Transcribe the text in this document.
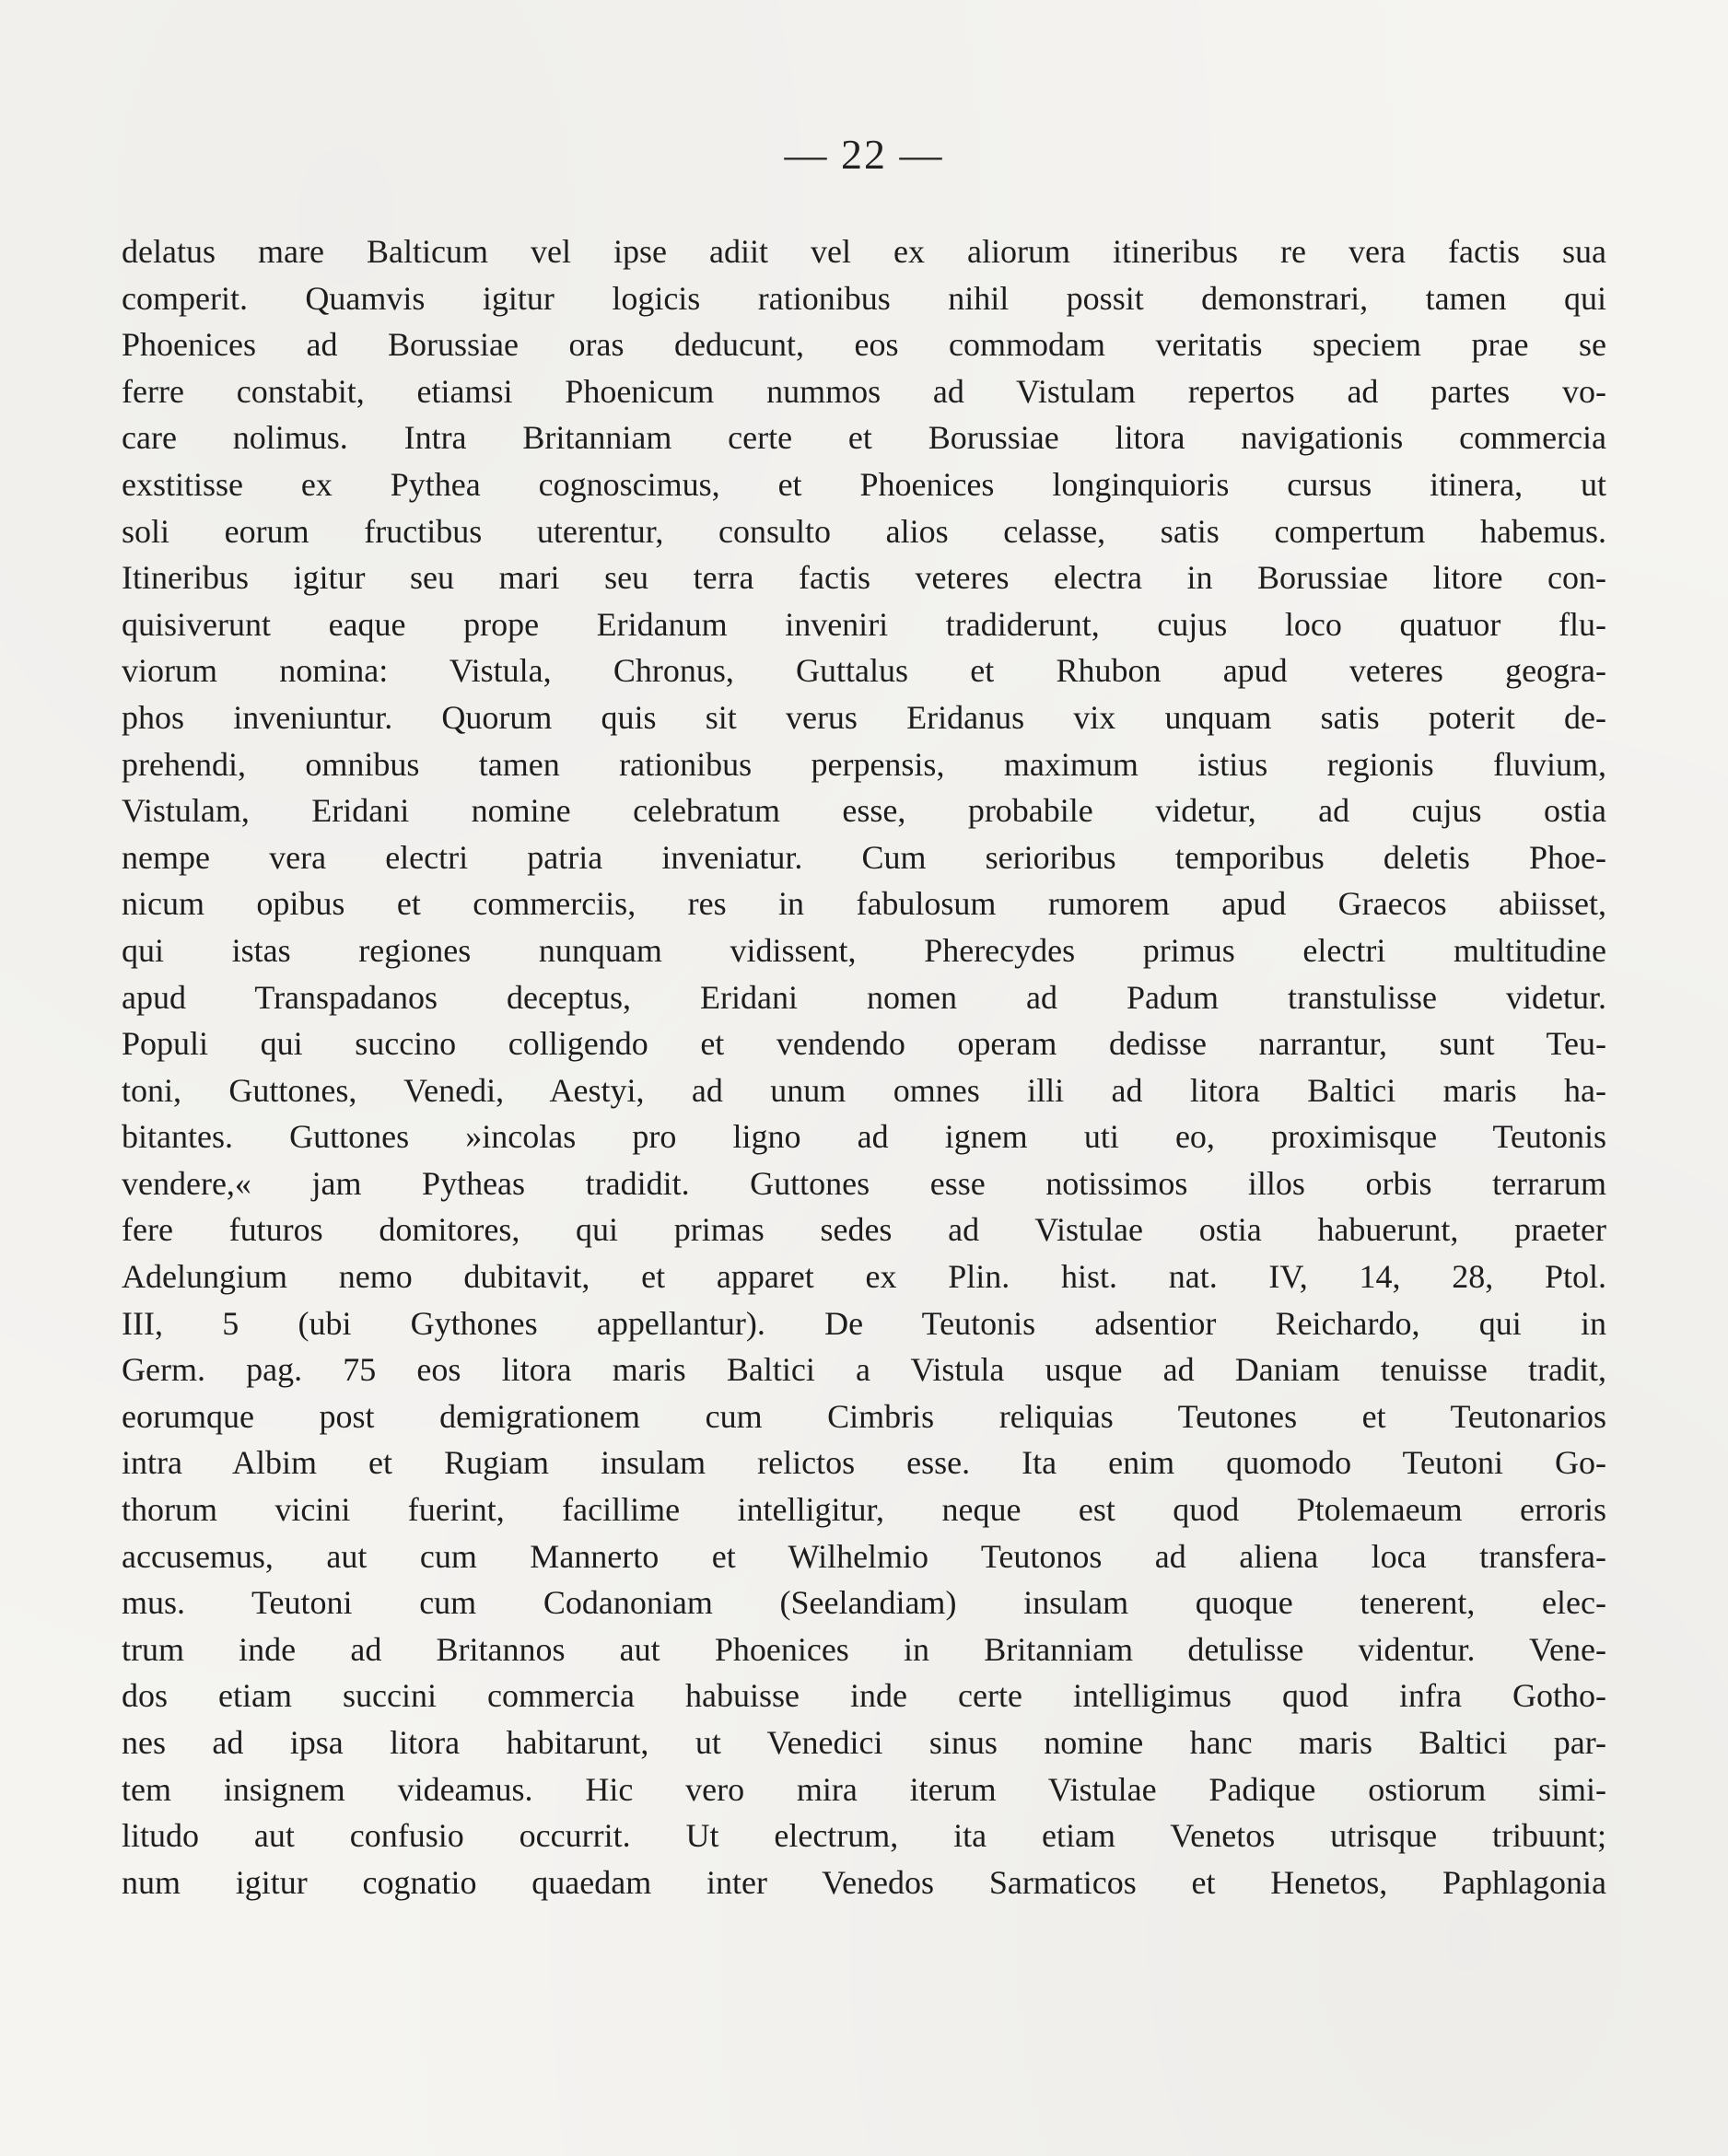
— 22 —
delatus mare Balticum vel ipse adiit vel ex aliorum itineribus re vera factis sua
comperit. Quamvis igitur logicis rationibus nihil possit demonstrari, tamen qui
Phoenices ad Borussiae oras deducunt, eos commodam veritatis speciem prae se
ferre constabit, etiamsi Phoenicum nummos ad Vistulam repertos ad partes vo-
care nolimus. Intra Britanniam certe et Borussiae litora navigationis commercia
exstitisse ex Pythea cognoscimus, et Phoenices longinquioris cursus itinera, ut
soli eorum fructibus uterentur, consulto alios celasse, satis compertum habemus.
Itineribus igitur seu mari seu terra factis veteres electra in Borussiae litore con-
quisiverunt eaque prope Eridanum inveniri tradiderunt, cujus loco quatuor flu-
viorum nomina: Vistula, Chronus, Guttalus et Rhubon apud veteres geogra-
phos inveniuntur. Quorum quis sit verus Eridanus vix unquam satis poterit de-
prehendi, omnibus tamen rationibus perpensis, maximum istius regionis fluvium,
Vistulam, Eridani nomine celebratum esse, probabile videtur, ad cujus ostia
nempe vera electri patria inveniatur. Cum serioribus temporibus deletis Phoe-
nicum opibus et commerciis, res in fabulosum rumorem apud Graecos abiisset,
qui istas regiones nunquam vidissent, Pherecydes primus electri multitudine
apud Transpadanos deceptus, Eridani nomen ad Padum transtulisse videtur.
Populi qui succino colligendo et vendendo operam dedisse narrantur, sunt Teu-
toni, Guttones, Venedi, Aestyi, ad unum omnes illi ad litora Baltici maris ha-
bitantes. Guttones »incolas pro ligno ad ignem uti eo, proximisque Teutonis
vendere,« jam Pytheas tradidit. Guttones esse notissimos illos orbis terrarum
fere futuros domitores, qui primas sedes ad Vistulae ostia habuerunt, praeter
Adelungium nemo dubitavit, et apparet ex Plin. hist. nat. IV, 14, 28, Ptol.
III, 5 (ubi Gythones appellantur). De Teutonis adsentior Reichardo, qui in
Germ. pag. 75 eos litora maris Baltici a Vistula usque ad Daniam tenuisse tradit,
eorumque post demigrationem cum Cimbris reliquias Teutones et Teutonarios
intra Albim et Rugiam insulam relictos esse. Ita enim quomodo Teutoni Go-
thorum vicini fuerint, facillime intelligitur, neque est quod Ptolemaeum erroris
accusemus, aut cum Mannerto et Wilhelmio Teutonos ad aliena loca transfera-
mus. Teutoni cum Codanoniam (Seelandiam) insulam quoque tenerent, elec-
trum inde ad Britannos aut Phoenices in Britanniam detulisse videntur. Vene-
dos etiam succini commercia habuisse inde certe intelligimus quod infra Gotho-
nes ad ipsa litora habitarunt, ut Venedici sinus nomine hanc maris Baltici par-
tem insignem videamus. Hic vero mira iterum Vistulae Padique ostiorum simi-
litudo aut confusio occurrit. Ut electrum, ita etiam Venetos utrisque tribuunt;
num igitur cognatio quaedam inter Venedos Sarmaticos et Henetos, Paphlagonia
